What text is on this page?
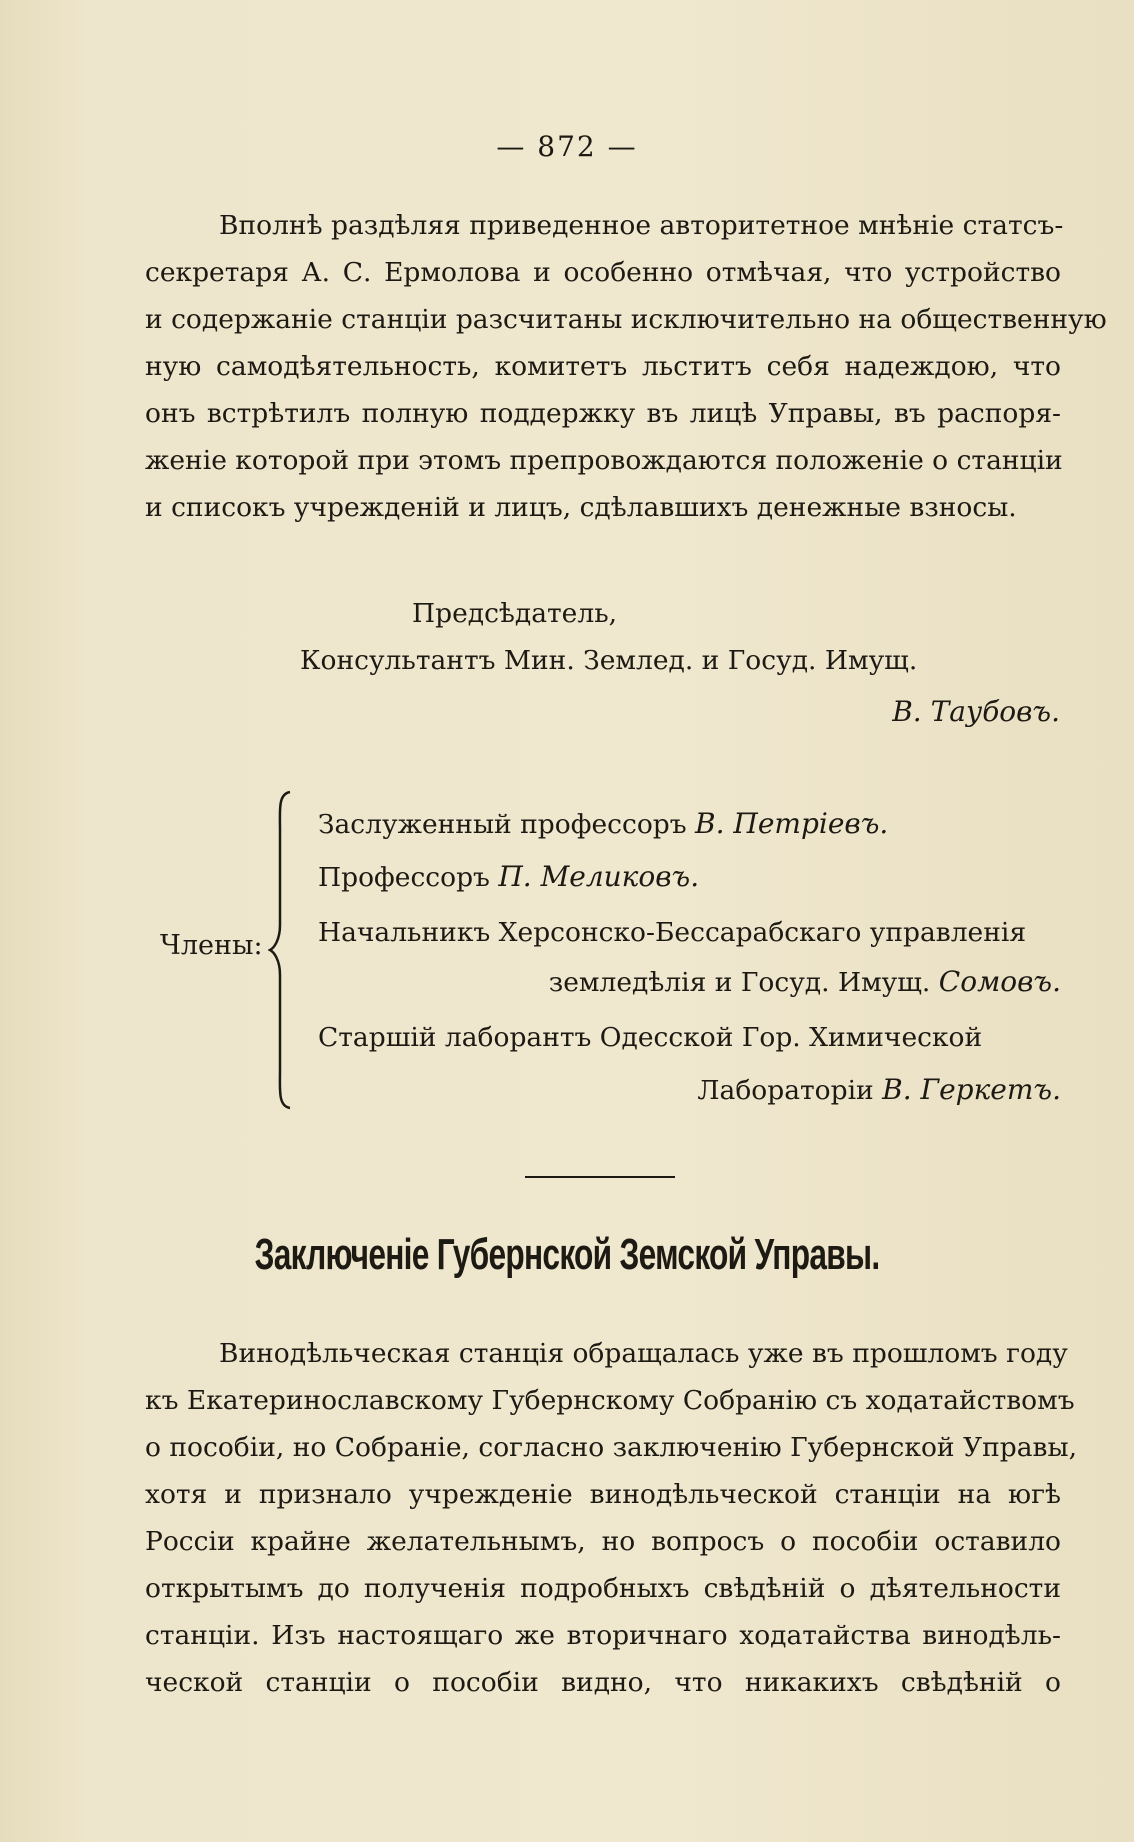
— 872 —
Вполнѣ раздѣляя приведенное авторитетное мнѣніе статсъ-
секретаря А. С. Ермолова и особенно отмѣчая, что устройство
и содержаніе станціи разсчитаны исключительно на общественную
ную самодѣятельность, комитетъ льститъ себя надеждою, что
онъ встрѣтилъ полную поддержку въ лицѣ Управы, въ распоря-
женіе которой при этомъ препровождаются положеніе о станціи
и списокъ учрежденій и лицъ, сдѣлавшихъ денежные взносы.
Предсѣдатель,
Консультантъ Мин. Землед. и Госуд. Имущ.
В. Таубовъ.
Члены:
Заслуженный профессоръ В. Петріевъ.
Профессоръ П. Меликовъ.
Начальникъ Херсонско-Бессарабскаго управленія
земледѣлія и Госуд. Имущ. Сомовъ.
Старшій лаборантъ Одесской Гор. Химической
Лабораторіи В. Геркетъ.
Заключеніе Губернской Земской Управы.
Винодѣльческая станція обращалась уже въ прошломъ году
къ Екатеринославскому Губернскому Собранію съ ходатайствомъ
о пособіи, но Собраніе, согласно заключенію Губернской Управы,
хотя и признало учрежденіе винодѣльческой станціи на югѣ
Россіи крайне желательнымъ, но вопросъ о пособіи оставило
открытымъ до полученія подробныхъ свѣдѣній о дѣятельности
станціи. Изъ настоящаго же вторичнаго ходатайства винодѣль-
ческой станціи о пособіи видно, что никакихъ свѣдѣній о
